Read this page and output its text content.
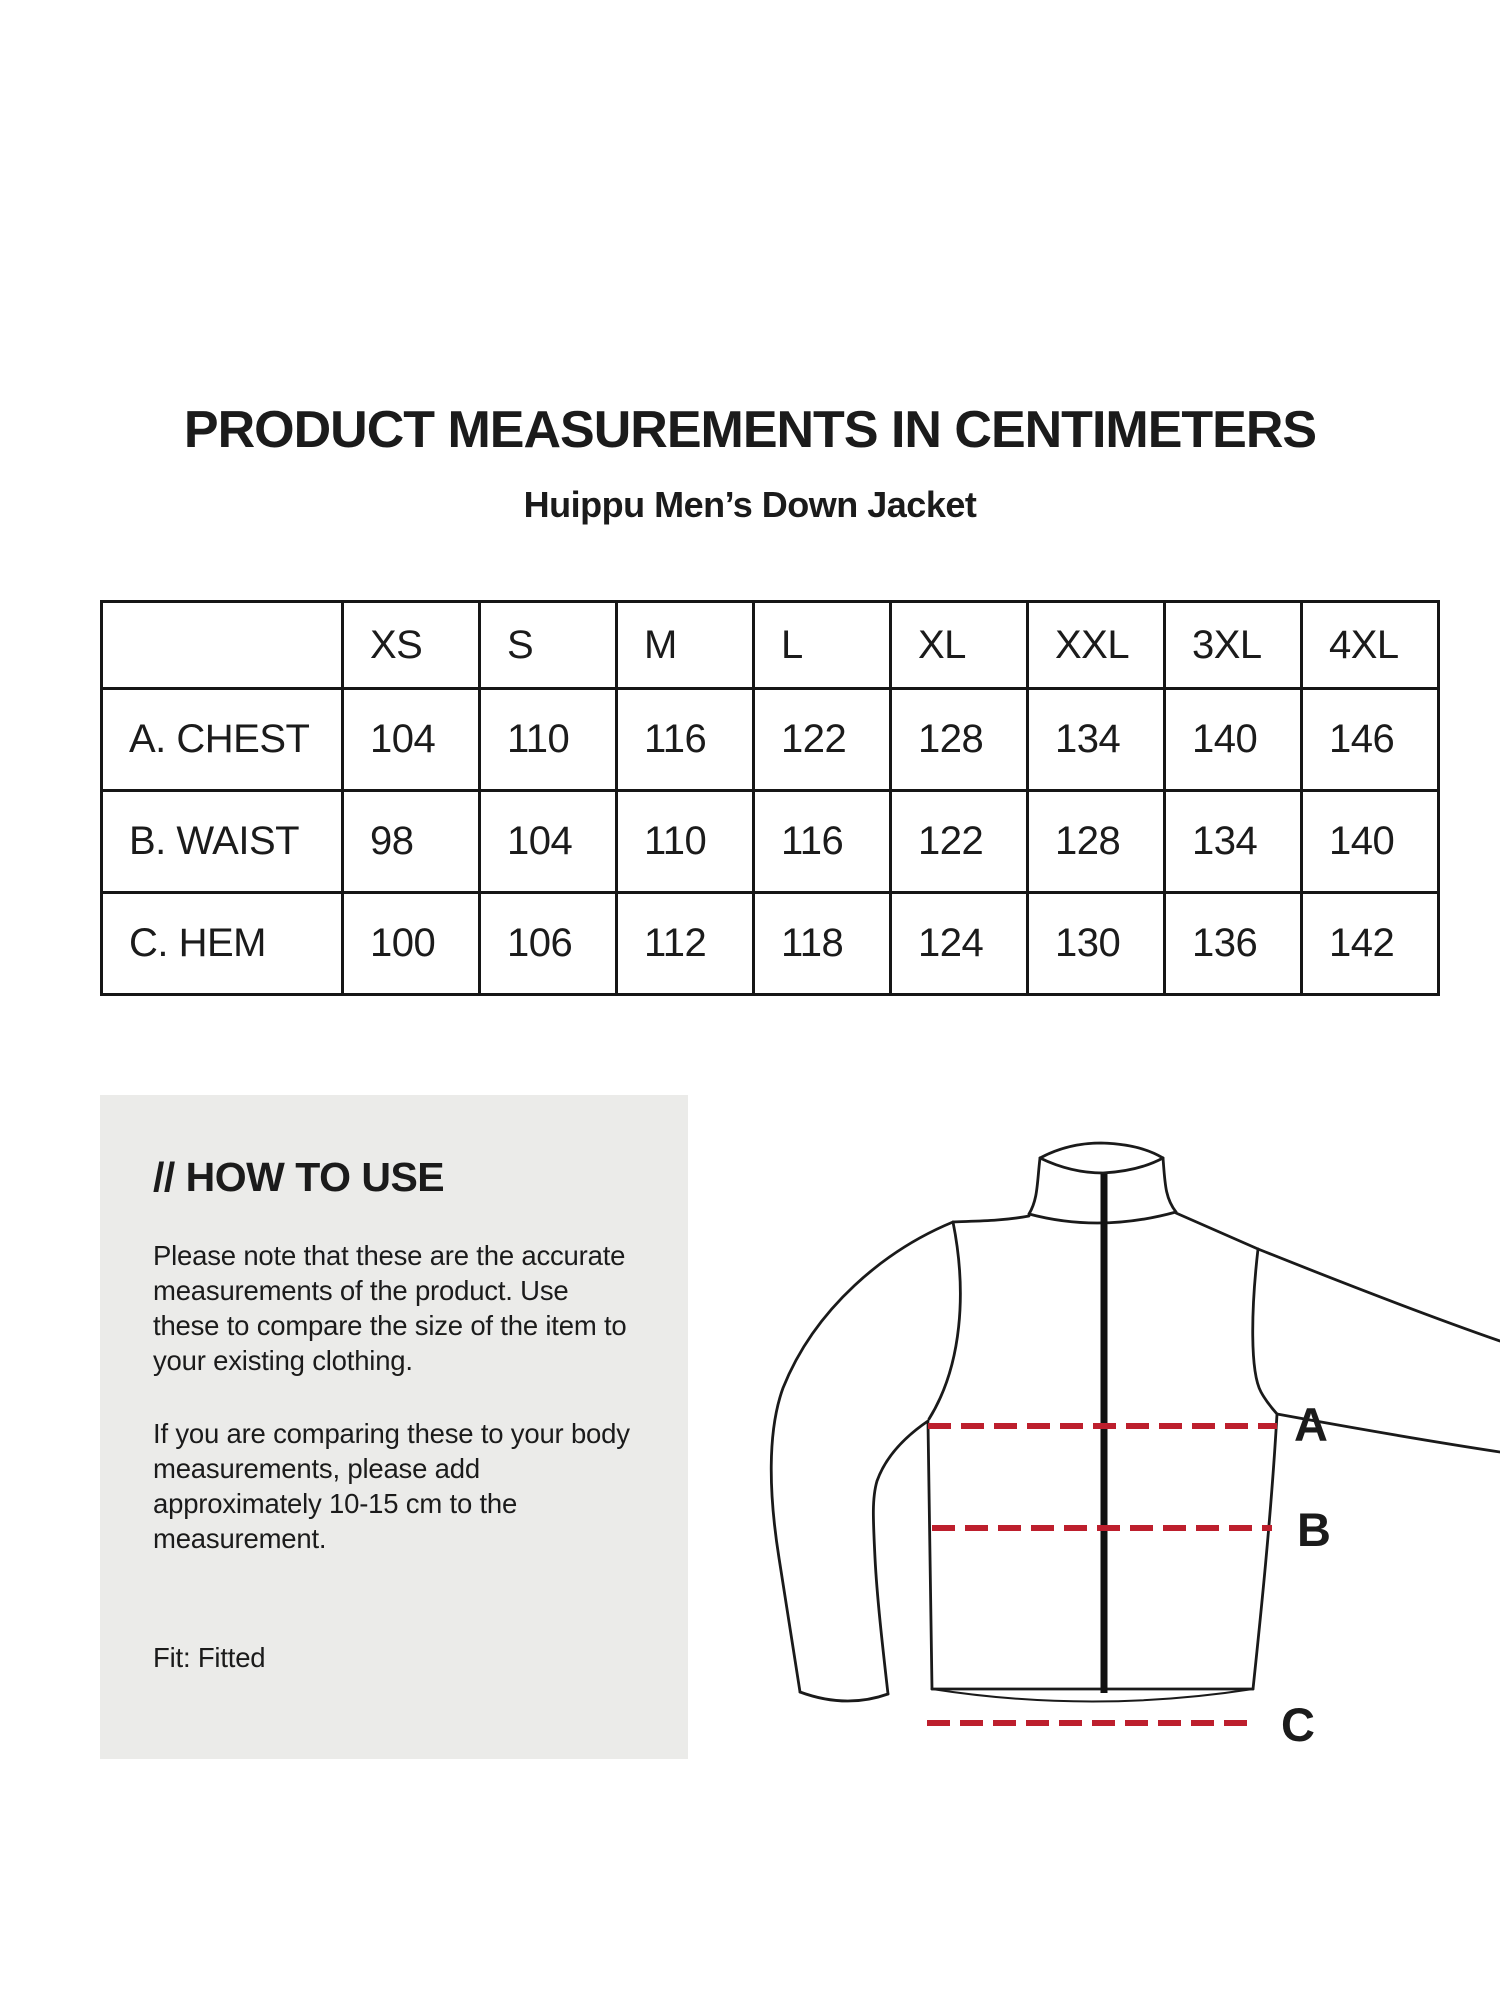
PRODUCT MEASUREMENTS IN CENTIMETERS
Huippu Men’s Down Jacket
	XS	S	M	L	XL	XXL	3XL	4XL
A. CHEST	104	110	116	122	128	134	140	146
B. WAIST	98	104	110	116	122	128	134	140
C. HEM	100	106	112	118	124	130	136	142
// HOW TO USE

Please note that these are the accurate measurements of the product. Use these to compare the size of the item to your existing clothing.

If you are comparing these to your body measurements, please add approximately 10-15 cm to the measurement.

Fit: Fitted
A
B
C
